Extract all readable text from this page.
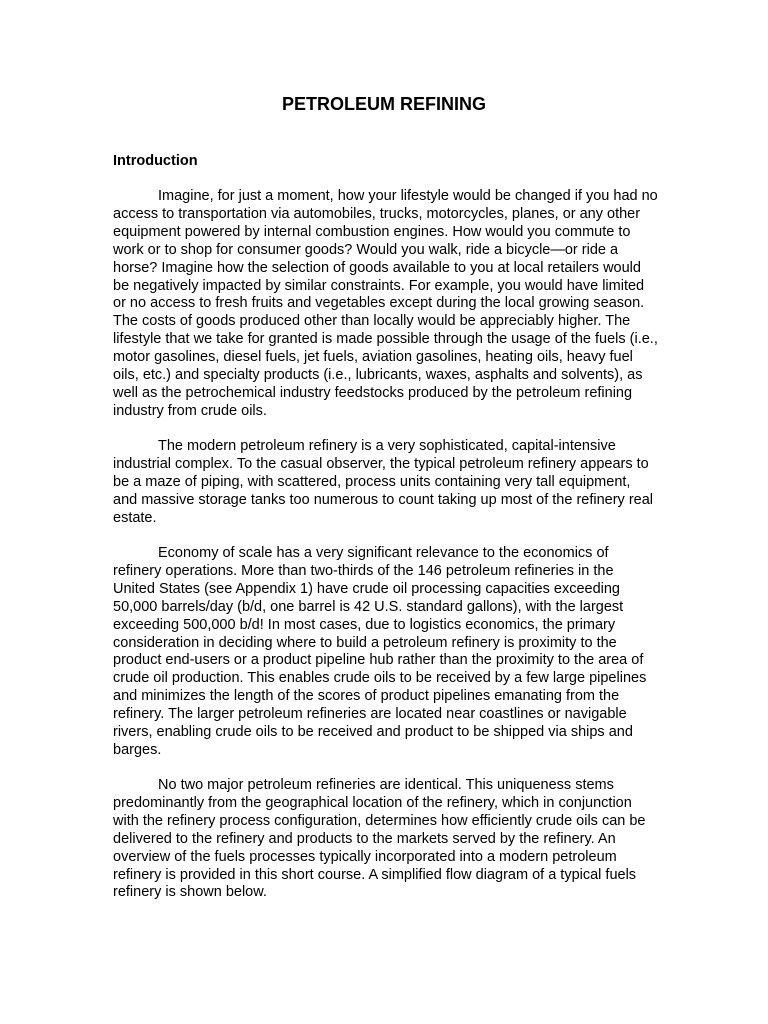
PETROLEUM REFINING
Introduction

Imagine, for just a moment, how your lifestyle would be changed if you had no access to transportation via automobiles, trucks, motorcycles, planes, or any other equipment powered by internal combustion engines. How would you commute to work or to shop for consumer goods? Would you walk, ride a bicycle—or ride a horse? Imagine how the selection of goods available to you at local retailers would be negatively impacted by similar constraints. For example, you would have limited or no access to fresh fruits and vegetables except during the local growing season. The costs of goods produced other than locally would be appreciably higher. The lifestyle that we take for granted is made possible through the usage of the fuels (i.e., motor gasolines, diesel fuels, jet fuels, aviation gasolines, heating oils, heavy fuel oils, etc.) and specialty products (i.e., lubricants, waxes, asphalts and solvents), as well as the petrochemical industry feedstocks produced by the petroleum refining industry from crude oils.

The modern petroleum refinery is a very sophisticated, capital-intensive industrial complex. To the casual observer, the typical petroleum refinery appears to be a maze of piping, with scattered, process units containing very tall equipment, and massive storage tanks too numerous to count taking up most of the refinery real estate.

Economy of scale has a very significant relevance to the economics of refinery operations. More than two-thirds of the 146 petroleum refineries in the United States (see Appendix 1) have crude oil processing capacities exceeding 50,000 barrels/day (b/d, one barrel is 42 U.S. standard gallons), with the largest exceeding 500,000 b/d! In most cases, due to logistics economics, the primary consideration in deciding where to build a petroleum refinery is proximity to the product end-users or a product pipeline hub rather than the proximity to the area of crude oil production. This enables crude oils to be received by a few large pipelines and minimizes the length of the scores of product pipelines emanating from the refinery. The larger petroleum refineries are located near coastlines or navigable rivers, enabling crude oils to be received and product to be shipped via ships and barges.

No two major petroleum refineries are identical. This uniqueness stems predominantly from the geographical location of the refinery, which in conjunction with the refinery process configuration, determines how efficiently crude oils can be delivered to the refinery and products to the markets served by the refinery. An overview of the fuels processes typically incorporated into a modern petroleum refinery is provided in this short course. A simplified flow diagram of a typical fuels refinery is shown below.
